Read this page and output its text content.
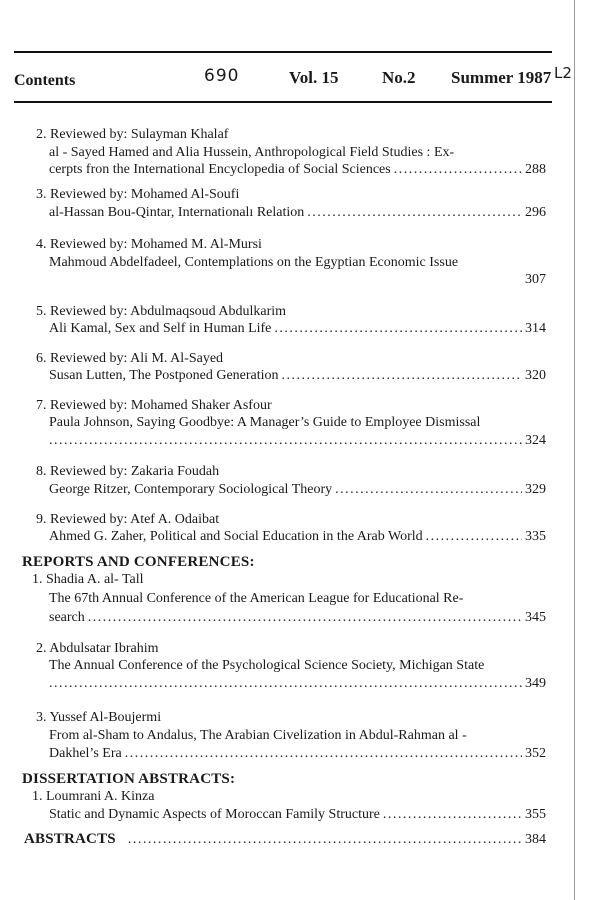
Contents	690	Vol. 15	No.2 Summer 1987 L2
2. Reviewed by: Sulayman Khalaf
al - Sayed Hamed and Alia Hussein, Anthropological Field Studies : Ex-
cerpts fron the International Encyclopedia of Social Sciences .....	288
3. Reviewed by: Mohamed Al-Soufi
al-Hassan Bou-Qintar, Internationalı Relation .....	296
4. Reviewed by: Mohamed M. Al-Mursi
Mahmoud Abdelfadeel, Contemplations on the Egyptian Economic Issue
307
5. Reviewed by: Abdulmaqsoud Abdulkarim
Ali Kamal, Sex and Self in Human Life .....	314
6. Reviewed by: Ali M. Al-Sayed
Susan Lutten, The Postponed Generation .....	320
7. Reviewed by: Mohamed Shaker Asfour
Paula Johnson, Saying Goodbye: A Manager’s Guide to Employee Dismissal
.....
324
8. Reviewed by: Zakaria Foudah
George Ritzer, Contemporary Sociological Theory .....	329
9. Reviewed by: Atef A. Odaibat
Ahmed G. Zaher, Political and Social Education in the Arab World .....	335
REPORTS AND CONFERENCES:
1. Shadia A. al- Tall
The 67th Annual Conference of the American League for Educational Re-
search .....	345
2. Abdulsatar Ibrahim
The Annual Conference of the Psychological Science Society, Michigan State
.....
349
3. Yussef Al-Boujermi
From al-Sham to Andalus, The Arabian Civelization in Abdul-Rahman al -
Dakhel’s Era .....	352
DISSERTATION ABSTRACTS:
1. Loumrani A. Kinza
Static and Dynamic Aspects of Moroccan Family Structure .....	355
ABSTRACTS .....	384
